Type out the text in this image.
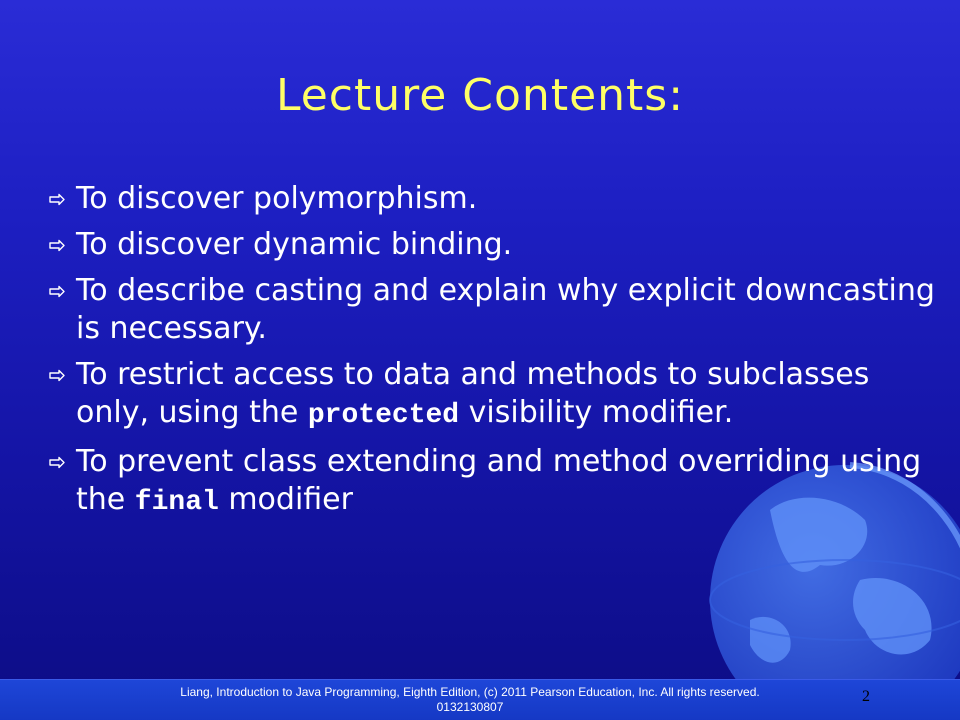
Lecture Contents:
To discover polymorphism.
To discover dynamic binding.
To describe casting and explain why explicit downcasting is necessary.
To restrict access to data and methods to subclasses only, using the protected visibility modifier.
To prevent class extending and method overriding using the final modifier
Liang, Introduction to Java Programming, Eighth Edition, (c) 2011 Pearson Education, Inc. All rights reserved. 0132130807
2
